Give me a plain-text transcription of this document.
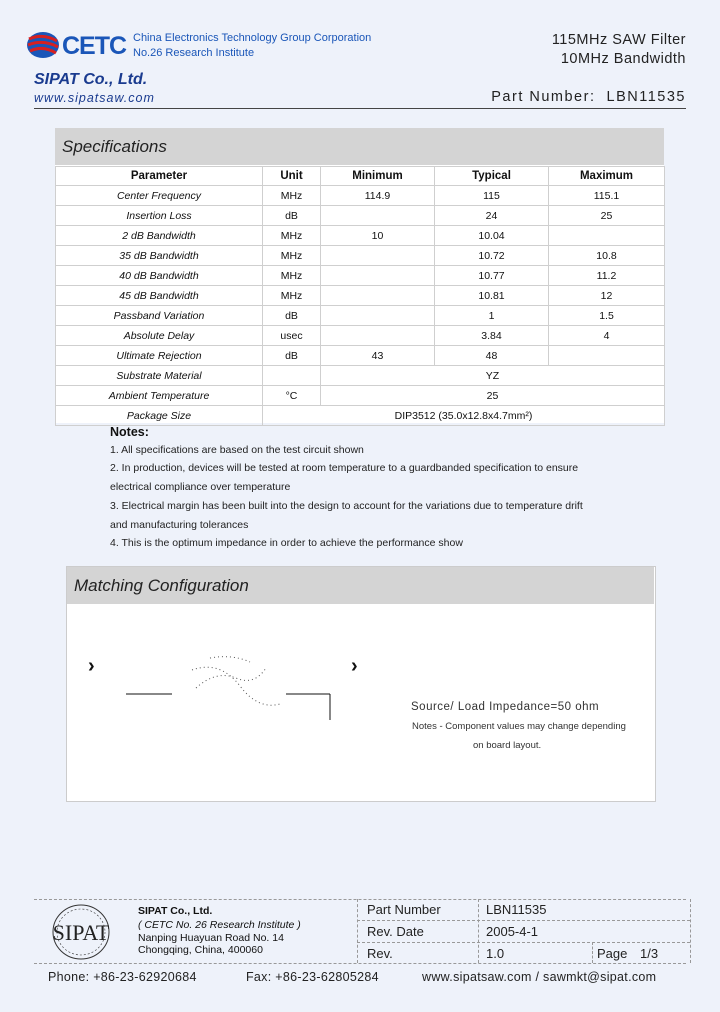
CETC China Electronics Technology Group Corporation
No.26 Research Institute
SIPAT Co., Ltd.
www.sipatsaw.com
115MHz SAW Filter
10MHz Bandwidth
Part Number: LBN11535
Specifications
Parameter	Unit	Minimum	Typical	Maximum
Center Frequency	MHz	114.9	115	115.1
Insertion Loss	dB		24	25
2 dB Bandwidth	MHz	10	10.04	
35 dB Bandwidth	MHz		10.72	10.8
40 dB Bandwidth	MHz		10.77	11.2
45 dB Bandwidth	MHz		10.81	12
Passband Variation	dB		1	1.5
Absolute Delay	usec		3.84	4
Ultimate Rejection	dB	43	48	
Substrate Material		YZ		
Ambient Temperature	°C	25		
Package Size	DIP3512 (35.0x12.8x4.7mm²)			
Notes:
1. All specifications are based on the test circuit shown
2. In production, devices will be tested at room temperature to a guardbanded specification to ensure
electrical compliance over temperature
3. Electrical margin has been built into the design to account for the variations due to temperature drift
and manufacturing tolerances
4. This is the optimum impedance in order to achieve the performance show
Matching Configuration
›	›
Source/ Load Impedance=50 ohm
Notes - Component values may change depending
on board layout.
SIPAT
SIPAT Co., Ltd.
( CETC No. 26 Research Institute )
Nanping Huayuan Road No. 14
Chongqing, China, 400060
Part Number	LBN11535
Rev. Date	2005-4-1
Rev.	1.0	Page 1/3
Phone: +86-23-62920684	Fax: +86-23-62805284	www.sipatsaw.com / sawmkt@sipat.com
